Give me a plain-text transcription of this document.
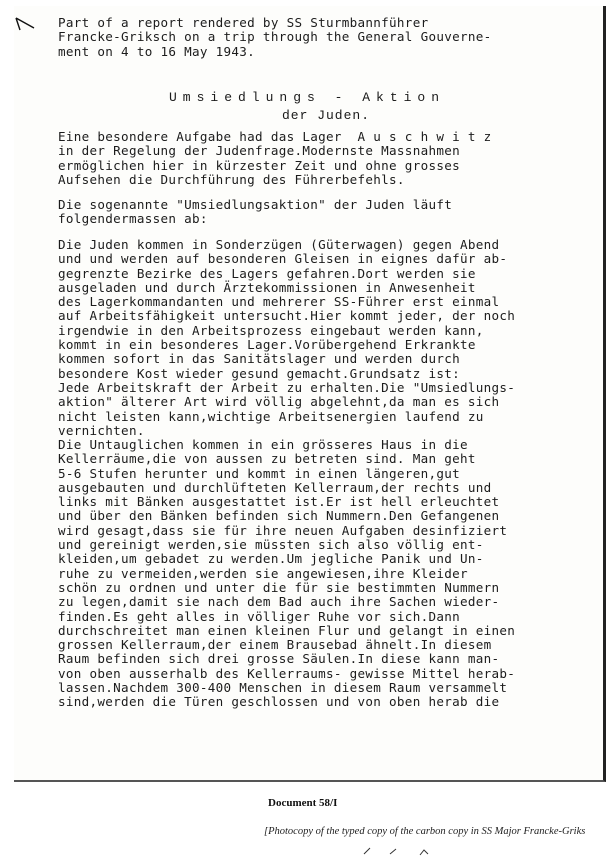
Part of a report rendered by SS Sturmbannführer
Francke-Griksch on a trip through the General Gouverne-
ment on 4 to 16 May 1943.
Umsiedlungs - Aktion
der Juden.
Eine besondere Aufgabe had das Lager  A u s c h w i t z
in der Regelung der Judenfrage.Modernste Massnahmen
ermöglichen hier in kürzester Zeit und ohne grosses
Aufsehen die Durchführung des Führerbefehls.
Die sogenannte "Umsiedlungsaktion" der Juden läuft
folgendermassen ab:
Die Juden kommen in Sonderzügen (Güterwagen) gegen Abend
und und werden auf besonderen Gleisen in eignes dafür ab-
gegrenzte Bezirke des Lagers gefahren.Dort werden sie
ausgeladen und durch Ärztekommissionen in Anwesenheit
des Lagerkommandanten und mehrerer SS-Führer erst einmal
auf Arbeitsfähigkeit untersucht.Hier kommt jeder, der noch
irgendwie in den Arbeitsprozess eingebaut werden kann,
kommt in ein besonderes Lager.Vorübergehend Erkrankte
kommen sofort in das Sanitätslager und werden durch
besondere Kost wieder gesund gemacht.Grundsatz ist:
Jede Arbeitskraft der Arbeit zu erhalten.Die "Umsiedlungs-
aktion" älterer Art wird völlig abgelehnt,da man es sich
nicht leisten kann,wichtige Arbeitsenergien laufend zu
vernichten.
Die Untauglichen kommen in ein grösseres Haus in die
Kellerräume,die von aussen zu betreten sind. Man geht
5-6 Stufen herunter und kommt in einen längeren,gut
ausgebauten und durchlüfteten Kellerraum,der rechts und
links mit Bänken ausgestattet ist.Er ist hell erleuchtet
und über den Bänken befinden sich Nummern.Den Gefangenen
wird gesagt,dass sie für ihre neuen Aufgaben desinfiziert
und gereinigt werden,sie müssten sich also völlig ent-
kleiden,um gebadet zu werden.Um jegliche Panik und Un-
ruhe zu vermeiden,werden sie angewiesen,ihre Kleider
schön zu ordnen und unter die für sie bestimmten Nummern
zu legen,damit sie nach dem Bad auch ihre Sachen wieder-
finden.Es geht alles in völliger Ruhe vor sich.Dann
durchschreitet man einen kleinen Flur und gelangt in einen
grossen Kellerraum,der einem Brausebad ähnelt.In diesem
Raum befinden sich drei grosse Säulen.In diese kann man-
von oben ausserhalb des Kellerraums- gewisse Mittel herab-
lassen.Nachdem 300-400 Menschen in diesem Raum versammelt
sind,werden die Türen geschlossen und von oben herab die
Document 58/I
[Photocopy of the typed copy of the carbon copy in SS Major Francke-Griks
